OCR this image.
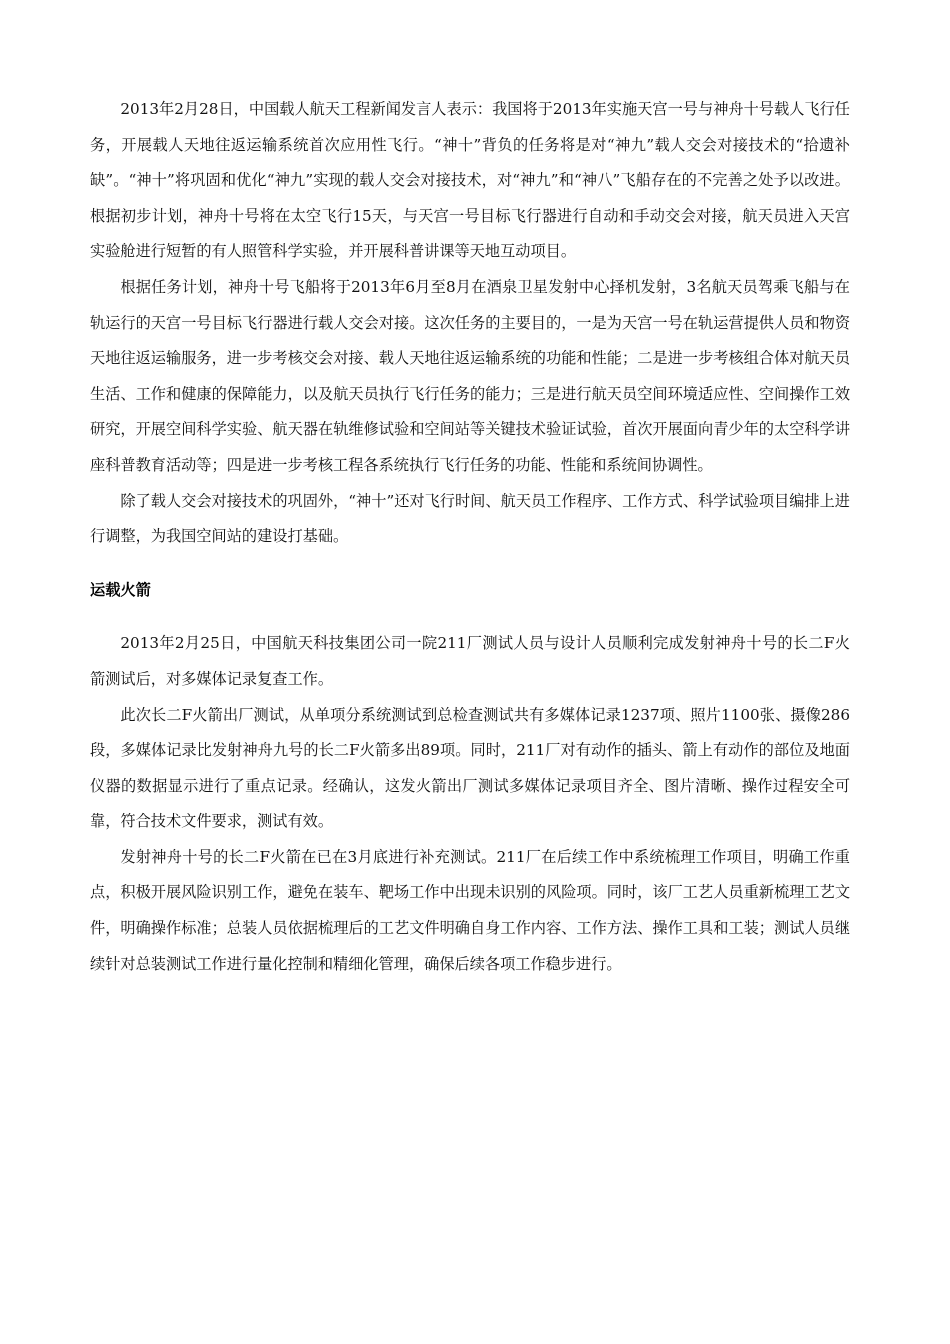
2013年2月28日，中国载人航天工程新闻发言人表示：我国将于2013年实施天宫一号与神舟十号载人飞行任务，开展载人天地往返运输系统首次应用性飞行。“神十”背负的任务将是对“神九”载人交会对接技术的“拾遗补缺”。“神十”将巩固和优化“神九”实现的载人交会对接技术，对“神九”和“神八”飞船存在的不完善之处予以改进。根据初步计划，神舟十号将在太空飞行15天，与天宫一号目标飞行器进行自动和手动交会对接，航天员进入天宫实验舱进行短暂的有人照管科学实验，并开展科普讲课等天地互动项目。

根据任务计划，神舟十号飞船将于2013年6月至8月在酒泉卫星发射中心择机发射，3名航天员驾乘飞船与在轨运行的天宫一号目标飞行器进行载人交会对接。这次任务的主要目的，一是为天宫一号在轨运营提供人员和物资天地往返运输服务，进一步考核交会对接、载人天地往返运输系统的功能和性能；二是进一步考核组合体对航天员生活、工作和健康的保障能力，以及航天员执行飞行任务的能力；三是进行航天员空间环境适应性、空间操作工效研究，开展空间科学实验、航天器在轨维修试验和空间站等关键技术验证试验，首次开展面向青少年的太空科学讲座科普教育活动等；四是进一步考核工程各系统执行飞行任务的功能、性能和系统间协调性。

除了载人交会对接技术的巩固外，“神十”还对飞行时间、航天员工作程序、工作方式、科学试验项目编排上进行调整，为我国空间站的建设打基础。

运载火箭

2013年2月25日，中国航天科技集团公司一院211厂测试人员与设计人员顺利完成发射神舟十号的长二F火箭测试后，对多媒体记录复查工作。

此次长二F火箭出厂测试，从单项分系统测试到总检查测试共有多媒体记录1237项、照片1100张、摄像286段，多媒体记录比发射神舟九号的长二F火箭多出89项。同时，211厂对有动作的插头、箭上有动作的部位及地面仪器的数据显示进行了重点记录。经确认，这发火箭出厂测试多媒体记录项目齐全、图片清晰、操作过程安全可靠，符合技术文件要求，测试有效。

发射神舟十号的长二F火箭在已在3月底进行补充测试。211厂在后续工作中系统梳理工作项目，明确工作重点，积极开展风险识别工作，避免在装车、靶场工作中出现未识别的风险项。同时，该厂工艺人员重新梳理工艺文件，明确操作标准；总装人员依据梳理后的工艺文件明确自身工作内容、工作方法、操作工具和工装；测试人员继续针对总装测试工作进行量化控制和精细化管理，确保后续各项工作稳步进行。
